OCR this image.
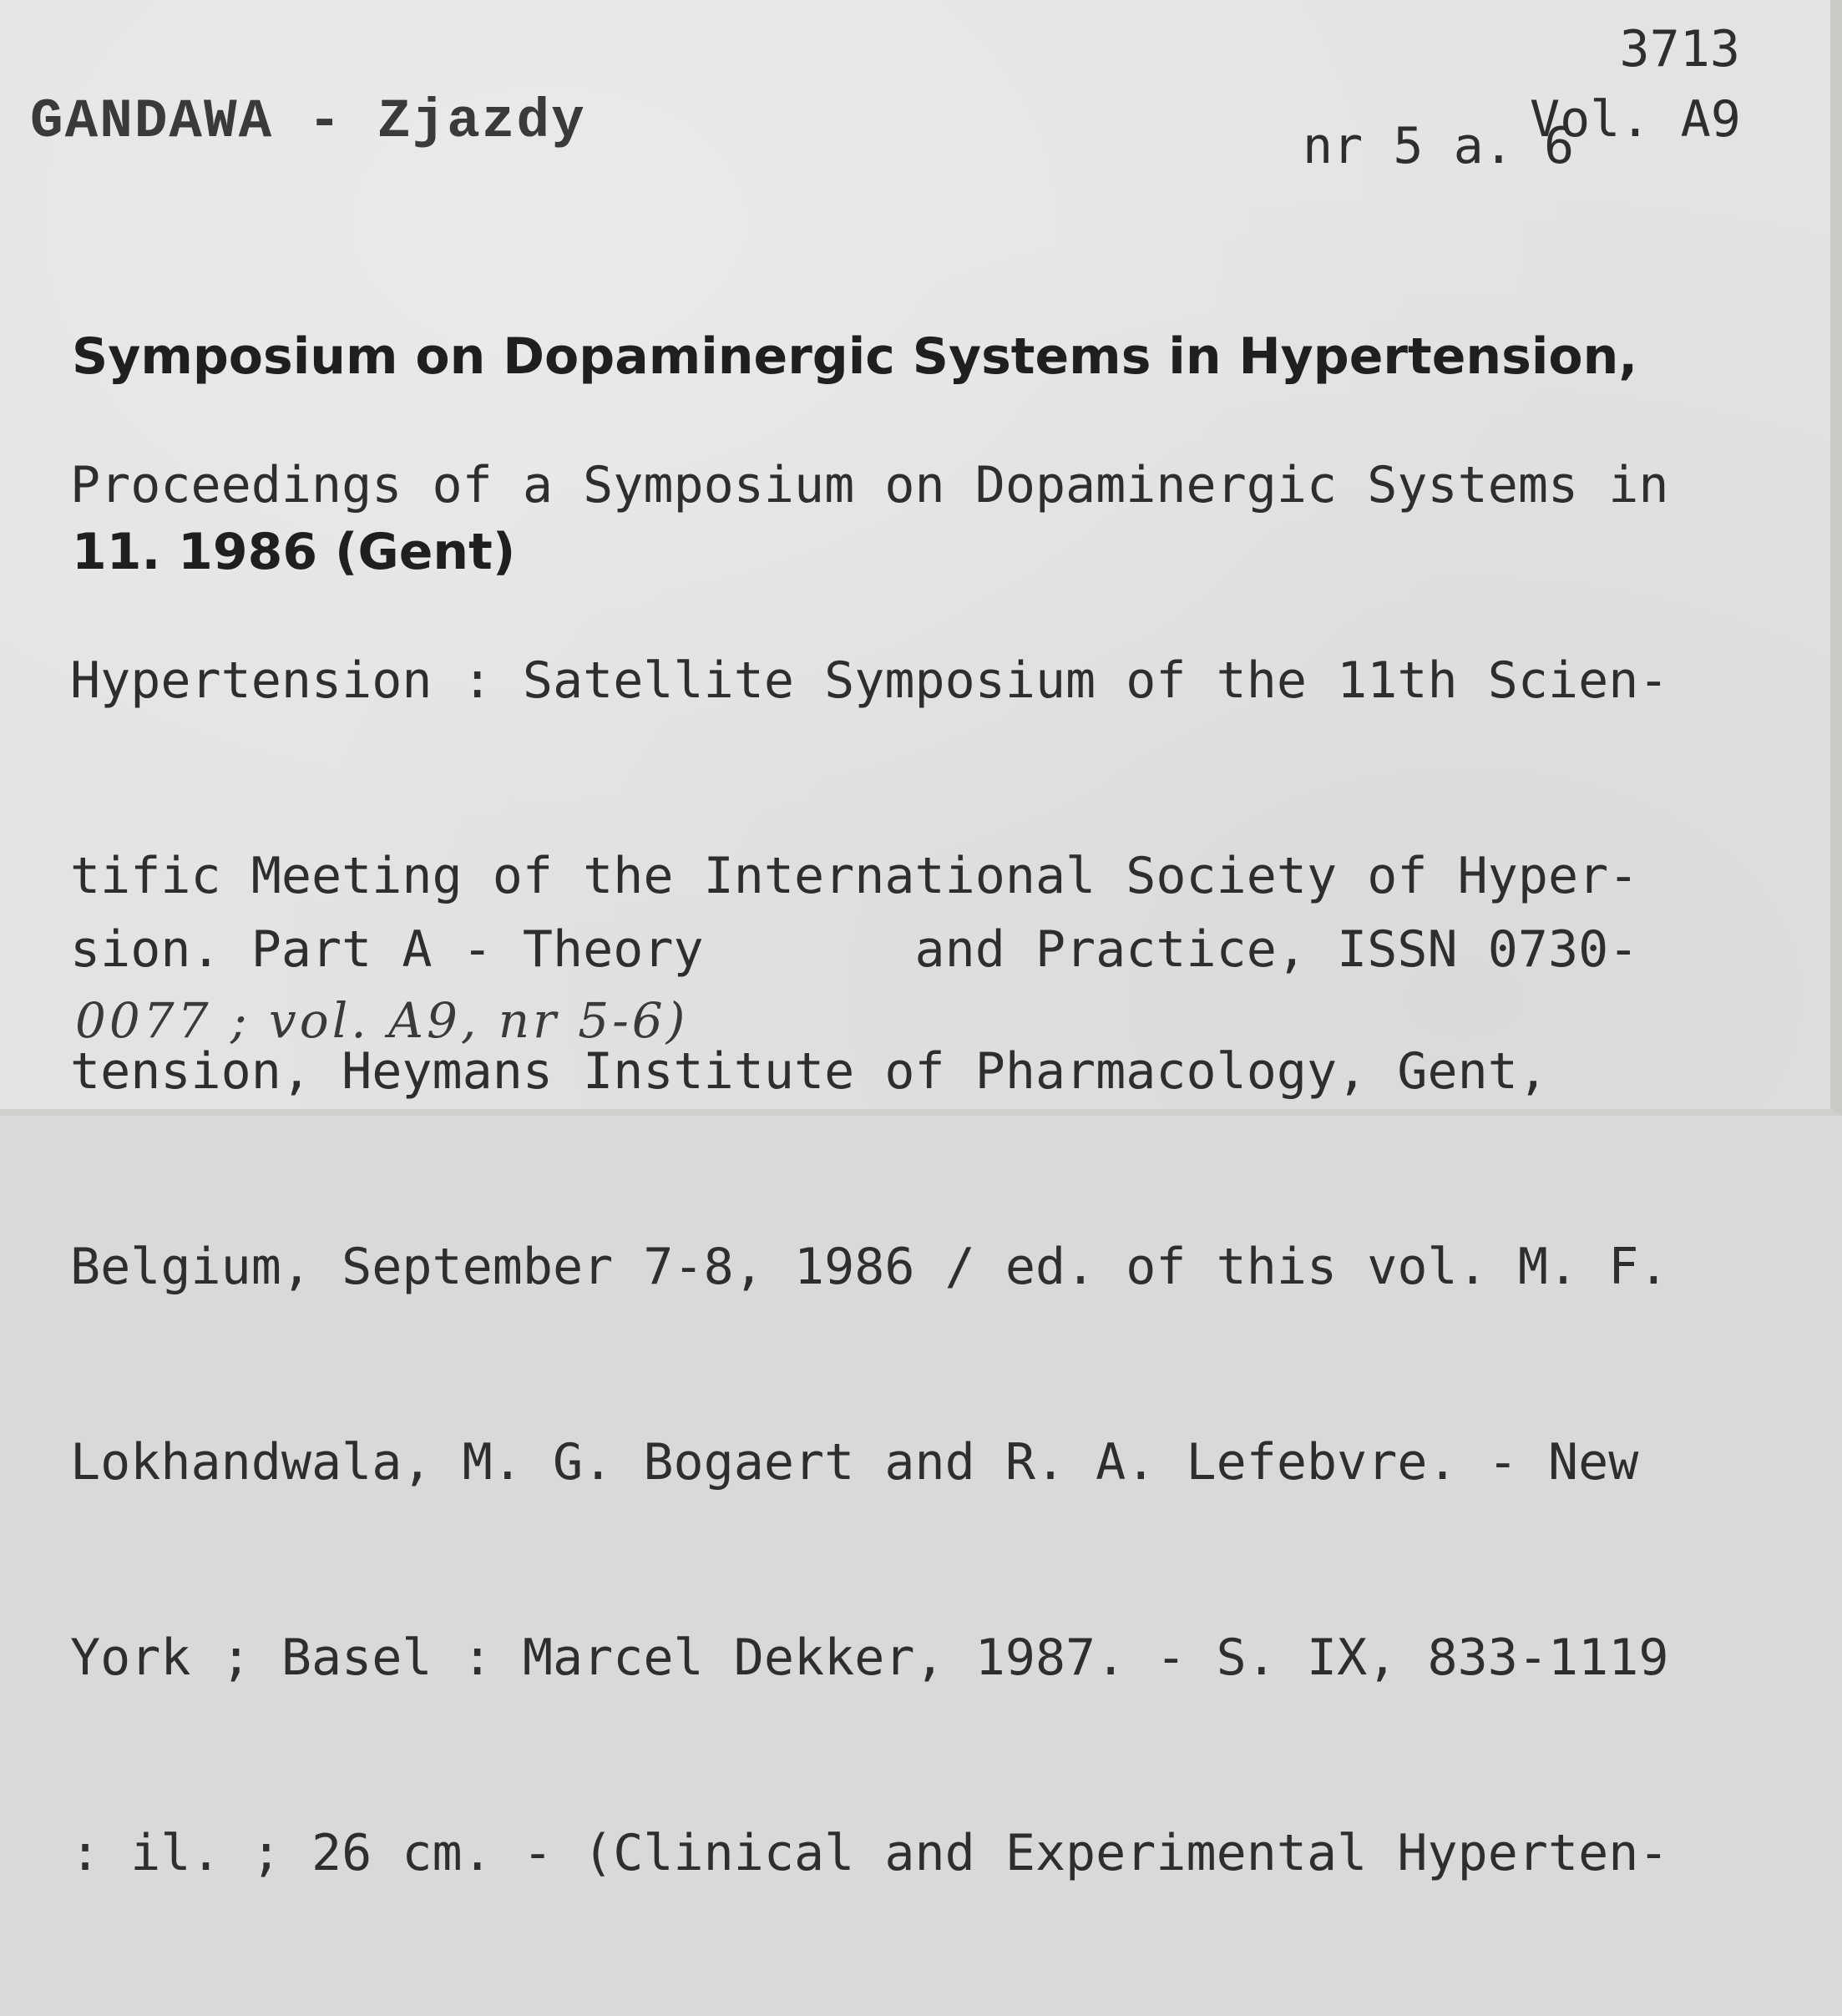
GANDAWA - Zjazdy
3713
nr 5 a. 6
Vol. A9

Symposium on Dopaminergic Systems in Hypertension,

11. 1986 (Gent)

Proceedings of a Symposium on Dopaminergic Systems in

Hypertension : Satellite Symposium of the 11th Scien-

tific Meeting of the International Society of Hyper-

tension, Heymans Institute of Pharmacology, Gent,

Belgium, September 7-8, 1986 / ed. of this vol. M. F.

Lokhandwala, M. G. Bogaert and R. A. Lefebvre. - New

York ; Basel : Marcel Dekker, 1987. - S. IX, 833-1119

: il. ; 26 cm. - (Clinical and Experimental Hyperten-

sion. Part A - Theory       and Practice, ISSN 0730-
0077 ; vol. A9, nr 5-6)
